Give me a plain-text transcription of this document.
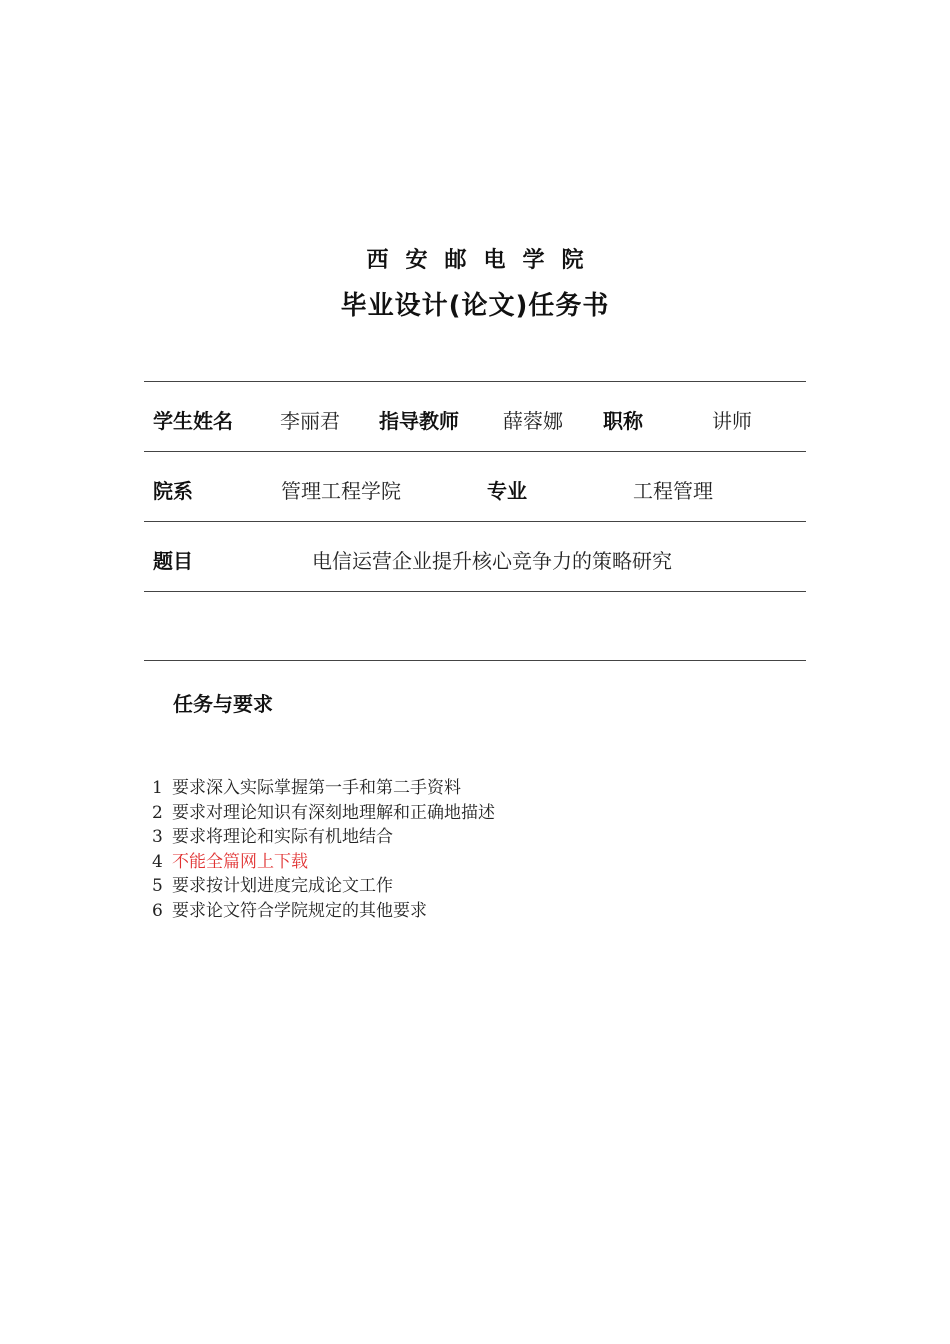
西安邮电学院
毕业设计(论文)任务书
学生姓名 李丽君 指导教师 薛蓉娜 职称	讲师
院系	管理工程学院	专业	工程管理
题目	电信运营企业提升核心竞争力的策略研究
任务与要求
1 要求深入实际掌握第一手和第二手资料
2 要求对理论知识有深刻地理解和正确地描述
3 要求将理论和实际有机地结合
4 不能全篇网上下载
5 要求按计划进度完成论文工作
6 要求论文符合学院规定的其他要求
